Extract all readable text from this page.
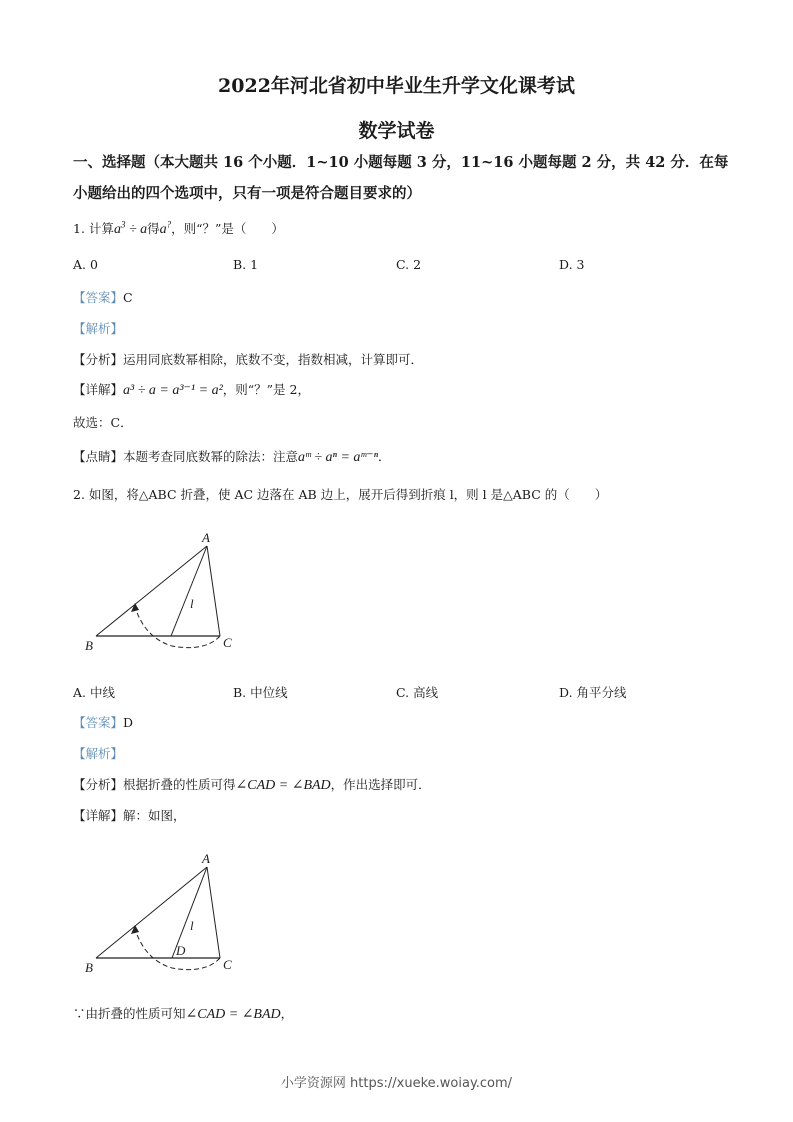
2022年河北省初中毕业生升学文化课考试
数学试卷
一、选择题（本大题共 16 个小题．1~10 小题每题 3 分，11~16 小题每题 2 分，共 42 分．在每
小题给出的四个选项中，只有一项是符合题目要求的）
1. 计算$a^3 \div a$得a?，则“？”是（　　）
A. 0	B. 1	C. 2	D. 3
【答案】C
【解析】
【分析】运用同底数幂相除，底数不变，指数相减，计算即可．
【详解】a³ ÷ a = a³⁻¹ = a²，则“？”是 2，
故选：C．
【点睛】本题考查同底数幂的除法：注意aᵐ ÷ aⁿ = aᵐ⁻ⁿ．
2. 如图，将△ABC 折叠，使 AC 边落在 AB 边上，展开后得到折痕 l，则 l 是△ABC 的（　　）
A
B	C
l
A. 中线	B. 中位线	C. 高线	D. 角平分线
【答案】D
【解析】
【分析】根据折叠的性质可得∠CAD = ∠BAD，作出选择即可．
【详解】解：如图，
A
B	C
D
l
∵由折叠的性质可知∠CAD = ∠BAD，
小学资源网 https://xueke.woiay.com/
